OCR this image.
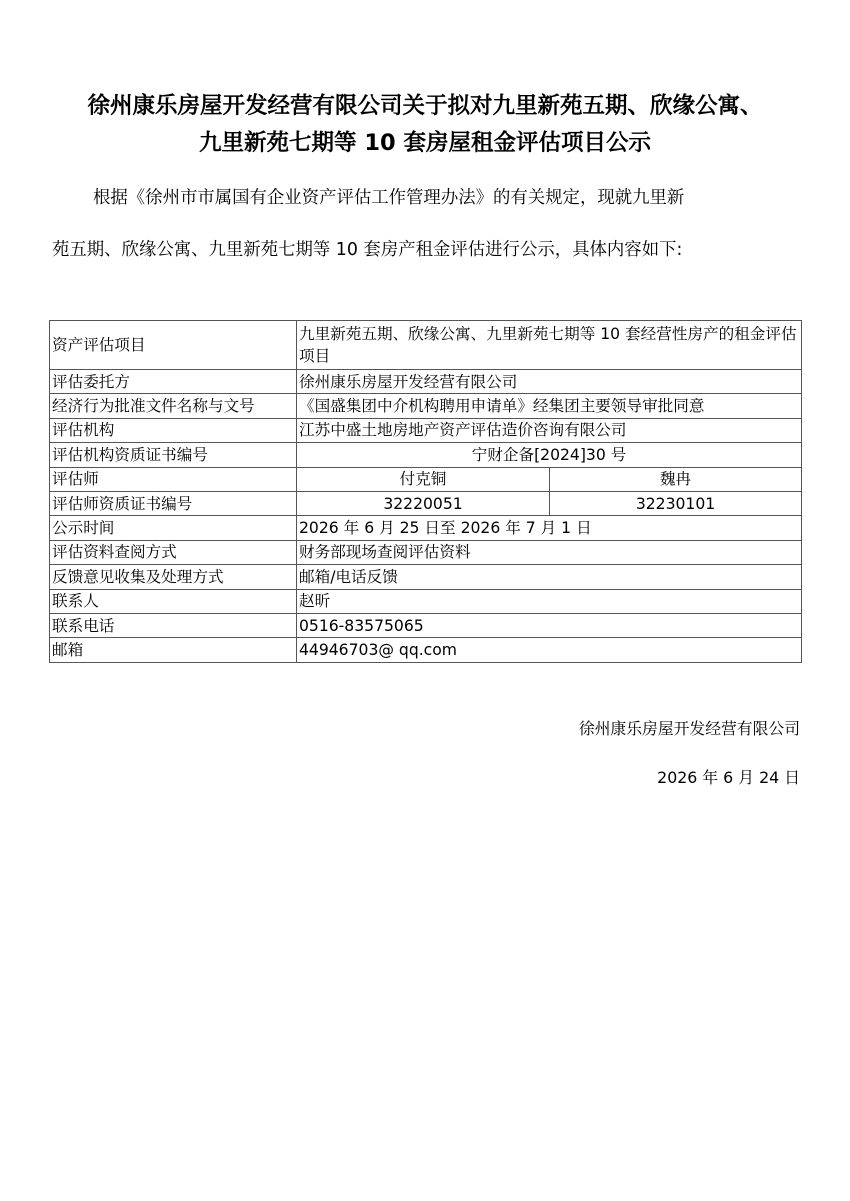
徐州康乐房屋开发经营有限公司关于拟对九里新苑五期、欣缘公寓、
九里新苑七期等 10 套房屋租金评估项目公示
根据《徐州市市属国有企业资产评估工作管理办法》的有关规定，现就九里新
苑五期、欣缘公寓、九里新苑七期等 10 套房产租金评估进行公示，具体内容如下:
资产评估项目	九里新苑五期、欣缘公寓、九里新苑七期等 10 套经营性房产的租金评估项目	
评估委托方	徐州康乐房屋开发经营有限公司	
经济行为批准文件名称与文号	《国盛集团中介机构聘用申请单》经集团主要领导审批同意	
评估机构	江苏中盛土地房地产资产评估造价咨询有限公司	
评估机构资质证书编号	宁财企备[2024]30 号	
评估师	付克铜	魏冉
评估师资质证书编号	32220051	32230101
公示时间	2026 年 6 月 25 日至 2026 年 7 月 1 日	
评估资料查阅方式	财务部现场查阅评估资料	
反馈意见收集及处理方式	邮箱/电话反馈	
联系人	赵昕	
联系电话	0516-83575065	
邮箱	44946703@ qq.com	
徐州康乐房屋开发经营有限公司
2026 年 6 月 24 日
